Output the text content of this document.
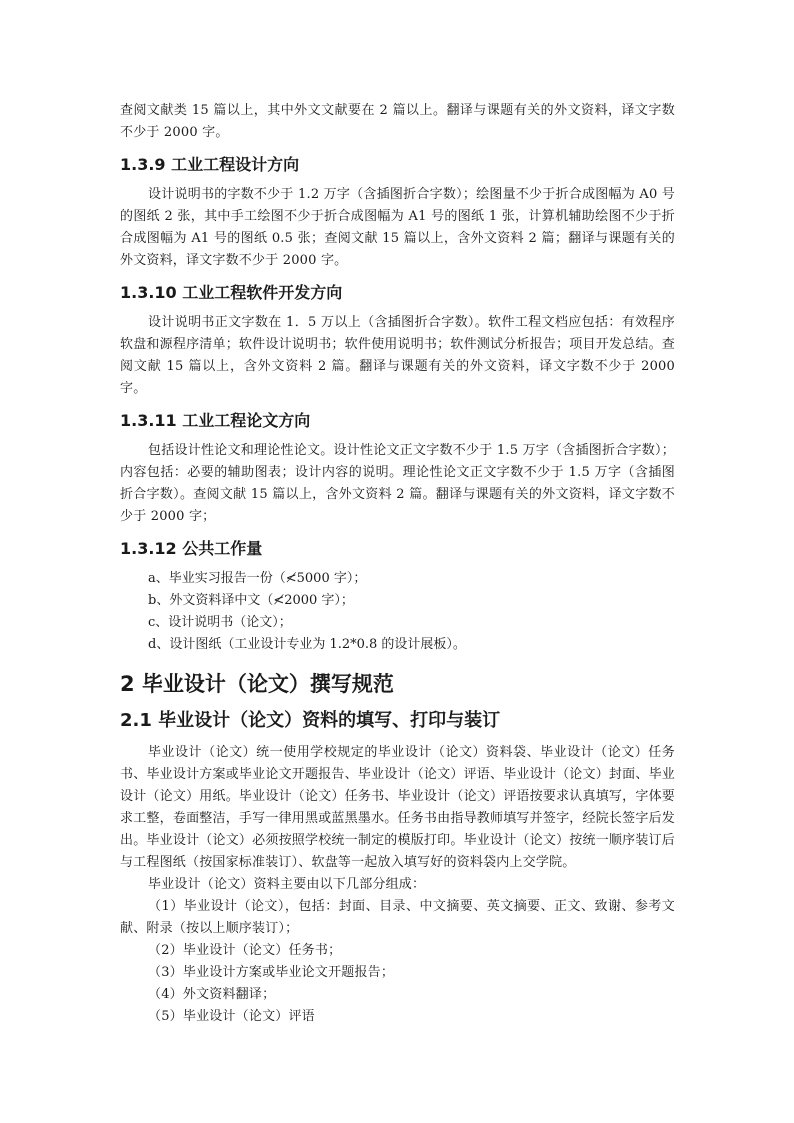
查阅文献类 15 篇以上，其中外文文献要在 2 篇以上。翻译与课题有关的外文资料，译文字数不少于 2000 字。

1.3.9 工业工程设计方向

设计说明书的字数不少于 1.2 万字（含插图折合字数）；绘图量不少于折合成图幅为 A0 号的图纸 2 张，其中手工绘图不少于折合成图幅为 A1 号的图纸 1 张，计算机辅助绘图不少于折合成图幅为 A1 号的图纸 0.5 张；查阅文献 15 篇以上，含外文资料 2 篇；翻译与课题有关的外文资料，译文字数不少于 2000 字。

1.3.10 工业工程软件开发方向

设计说明书正文字数在 1．5 万以上（含插图折合字数）。软件工程文档应包括：有效程序软盘和源程序清单；软件设计说明书；软件使用说明书；软件测试分析报告；项目开发总结。查阅文献 15 篇以上，含外文资料 2 篇。翻译与课题有关的外文资料，译文字数不少于 2000 字。

1.3.11 工业工程论文方向

包括设计性论文和理论性论文。设计性论文正文字数不少于 1.5 万字（含插图折合字数）；内容包括：必要的辅助图表；设计内容的说明。理论性论文正文字数不少于 1.5 万字（含插图折合字数）。查阅文献 15 篇以上，含外文资料 2 篇。翻译与课题有关的外文资料，译文字数不少于 2000 字；

1.3.12 公共工作量

a、毕业实习报告一份（≮5000 字）；

b、外文资料译中文（≮2000 字）；

c、设计说明书（论文）；

d、设计图纸（工业设计专业为 1.2*0.8 的设计展板）。

2 毕业设计（论文）撰写规范
2.1 毕业设计（论文）资料的填写、打印与装订

毕业设计（论文）统一使用学校规定的毕业设计（论文）资料袋、毕业设计（论文）任务书、毕业设计方案或毕业论文开题报告、毕业设计（论文）评语、毕业设计（论文）封面、毕业设计（论文）用纸。毕业设计（论文）任务书、毕业设计（论文）评语按要求认真填写，字体要求工整，卷面整洁，手写一律用黑或蓝黑墨水。任务书由指导教师填写并签字，经院长签字后发出。毕业设计（论文）必须按照学校统一制定的模版打印。毕业设计（论文）按统一顺序装订后与工程图纸（按国家标准装订）、软盘等一起放入填写好的资料袋内上交学院。

毕业设计（论文）资料主要由以下几部分组成：

（1）毕业设计（论文），包括：封面、目录、中文摘要、英文摘要、正文、致谢、参考文献、附录（按以上顺序装订）；

（2）毕业设计（论文）任务书；

（3）毕业设计方案或毕业论文开题报告；

（4）外文资料翻译；

（5）毕业设计（论文）评语
